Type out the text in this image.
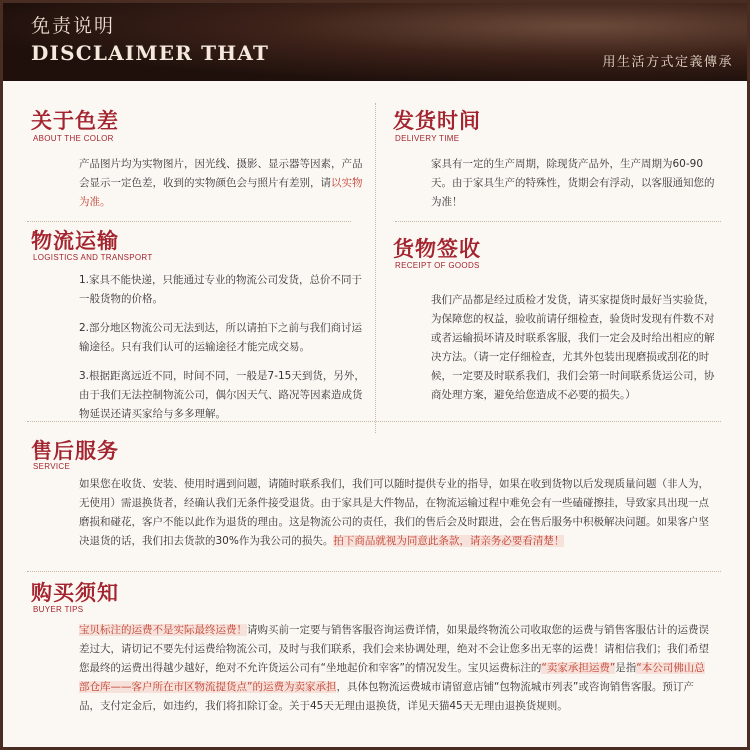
免责说明
DISCLAIMER THAT	用生活方式定義傳承
关于色差
ABOUT THE COLOR
产品图片均为实物图片，因光线、摄影、显示器等因素，产品会显示一定色差，收到的实物颜色会与照片有差别，请以实物为准。
发货时间
DELIVERY TIME
家具有一定的生产周期，除现货产品外，生产周期为60-90天。由于家具生产的特殊性，货期会有浮动，以客服通知您的为准！
物流运输
LOGISTICS AND TRANSPORT
1.家具不能快递，只能通过专业的物流公司发货，总价不同于一般货物的价格。
2.部分地区物流公司无法到达，所以请拍下之前与我们商讨运输途径。只有我们认可的运输途径才能完成交易。
3.根据距离远近不同，时间不同，一般是7-15天到货，另外，由于我们无法控制物流公司，偶尔因天气、路况等因素造成货物延误还请买家给与多多理解。
货物签收
RECEIPT OF GOODS
我们产品都是经过质检才发货，请买家提货时最好当实验货，为保障您的权益，验收前请仔细检查，验货时发现有件数不对或者运输损坏请及时联系客服，我们一定会及时给出相应的解决方法。（请一定仔细检查，尤其外包装出现磨损或刮花的时候，一定要及时联系我们，我们会第一时间联系货运公司，协商处理方案，避免给您造成不必要的损失。）
售后服务
SERVICE
如果您在收货、安装、使用时遇到问题，请随时联系我们，我们可以随时提供专业的指导，如果在收到货物以后发现质量问题（非人为，无使用）需退换货者，经确认我们无条件接受退货。由于家具是大件物品，在物流运输过程中难免会有一些磕碰擦挂，导致家具出现一点磨损和碰花，客户不能以此作为退货的理由。这是物流公司的责任，我们的售后会及时跟进，会在售后服务中积极解决问题。如果客户坚决退货的话，我们扣去货款的30%作为我公司的损失。拍下商品就视为同意此条款，请亲务必要看清楚！
购买须知
BUYER TIPS
宝贝标注的运费不是实际最终运费！请购买前一定要与销售客服咨询运费详情，如果最终物流公司收取您的运费与销售客服估计的运费误差过大，请切记不要先付运费给物流公司，及时与我们联系，我们会来协调处理，绝对不会让您多出无辜的运费！请相信我们；我们希望您最终的运费出得越少越好，绝对不允许货运公司有“坐地起价和宰客”的情况发生。宝贝运费标注的“卖家承担运费”是指“本公司佛山总部仓库——客户所在市区物流提货点”的运费为卖家承担，具体包物流运费城市请留意店铺“包物流城市列表”或咨询销售客服。预订产品，支付定金后，如违约，我们将扣除订金。关于45天无理由退换货，详见天猫45天无理由退换货规则。
